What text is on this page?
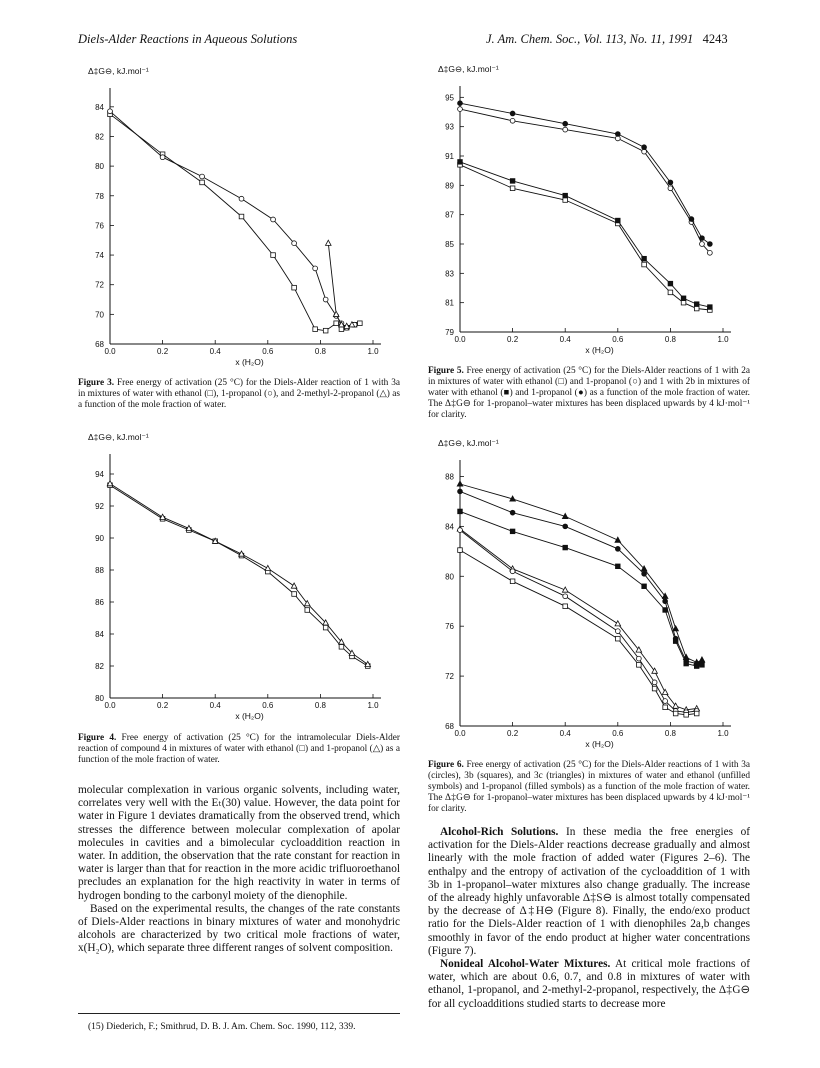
Diels-Alder Reactions in Aqueous Solutions	J. Am. Chem. Soc., Vol. 113, No. 11, 1991 4243
Δ‡G⊖, kJ.mol⁻¹
68
70
72
74
76
78
80
82
84
0.0	0.2	0.4	0.6	0.8	1.0
x (H₂O)
Figure 3. Free energy of activation (25 °C) for the Diels-Alder reaction of 1 with 3a in mixtures of water with ethanol (□), 1-propanol (○), and 2-methyl-2-propanol (△) as a function of the mole fraction of water.
Δ‡G⊖, kJ.mol⁻¹
80
82
84
86
88
90
92
94
0.0	0.2	0.4	0.6	0.8	1.0
x (H₂O)
Figure 4. Free energy of activation (25 °C) for the intramolecular Diels-Alder reaction of compound 4 in mixtures of water with ethanol (□) and 1-propanol (△) as a function of the mole fraction of water.
Δ‡G⊖, kJ.mol⁻¹
79
81
83
85
87
89
91
93
95
0.0	0.2	0.4	0.6	0.8	1.0
x (H₂O)
Figure 5. Free energy of activation (25 °C) for the Diels-Alder reactions of 1 with 2a in mixtures of water with ethanol (□) and 1-propanol (○) and 1 with 2b in mixtures of water with ethanol (■) and 1-propanol (●) as a function of the mole fraction of water. The Δ‡G⊖ for 1-propanol–water mixtures has been displaced upwards by 4 kJ·mol⁻¹ for clarity.
Δ‡G⊖, kJ.mol⁻¹
68
72
76
80
84
88
0.0	0.2	0.4	0.6	0.8	1.0
x (H₂O)
Figure 6. Free energy of activation (25 °C) for the Diels-Alder reactions of 1 with 3a (circles), 3b (squares), and 3c (triangles) in mixtures of water and ethanol (unfilled symbols) and 1-propanol (filled symbols) as a function of the mole fraction of water. The Δ‡G⊖ for 1-propanol–water mixtures has been displaced upwards by 4 kJ·mol⁻¹ for clarity.

molecular complexation in various organic solvents, including water, correlates very well with the Eₜ(30) value. However, the data point for water in Figure 1 deviates dramatically from the observed trend, which stresses the difference between molecular complexation of apolar molecules in cavities and a bimolecular cycloaddition reaction in water. In addition, the observation that the rate constant for reaction in water is larger than that for reaction in the more acidic trifluoroethanol precludes an explanation for the high reactivity in water in terms of hydrogen bonding to the carbonyl moiety of the dienophile.

Based on the experimental results, the changes of the rate constants of Diels-Alder reactions in binary mixtures of water and monohydric alcohols are characterized by two critical mole fractions of water, x(H₂O), which separate three different ranges of solvent composition.

(15) Diederich, F.; Smithrud, D. B. J. Am. Chem. Soc. 1990, 112, 339.

Alcohol-Rich Solutions. In these media the free energies of activation for the Diels-Alder reactions decrease gradually and almost linearly with the mole fraction of added water (Figures 2–6). The enthalpy and the entropy of activation of the cycloaddition of 1 with 3b in 1-propanol–water mixtures also change gradually. The increase of the already highly unfavorable Δ‡S⊖ is almost totally compensated by the decrease of Δ‡H⊖ (Figure 8). Finally, the endo/exo product ratio for the Diels-Alder reaction of 1 with dienophiles 2a,b changes smoothly in favor of the endo product at higher water concentrations (Figure 7).

Nonideal Alcohol-Water Mixtures. At critical mole fractions of water, which are about 0.6, 0.7, and 0.8 in mixtures of water with ethanol, 1-propanol, and 2-methyl-2-propanol, respectively, the Δ‡G⊖ for all cycloadditions studied starts to decrease more
